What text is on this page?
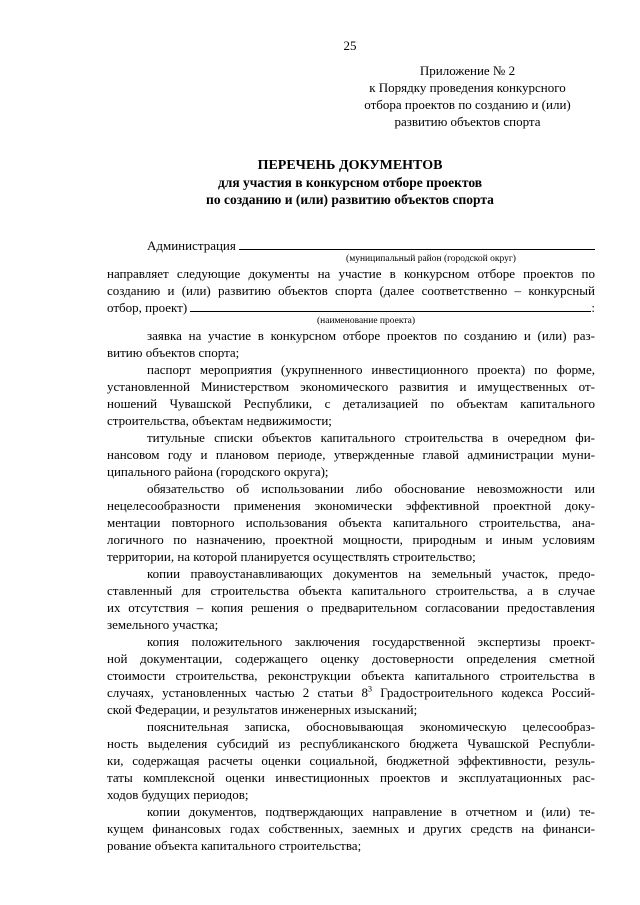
25
Приложение № 2
к Порядку проведения конкурсного
отбора проектов по созданию и (или)
развитию объектов спорта
ПЕРЕЧЕНЬ ДОКУМЕНТОВ
для участия в конкурсном отборе проектов
по созданию и (или) развитию объектов спорта
Администрация
(муниципальный район (городской округ)
направляет следующие документы на участие в конкурсном отборе проектов по
созданию и (или) развитию объектов спорта (далее соответственно – конкурсный
отбор, проект)	:
(наименование проекта)
заявка на участие в конкурсном отборе проектов по созданию и (или) раз-
витию объектов спорта;
паспорт мероприятия (укрупненного инвестиционного проекта) по форме,
установленной Министерством экономического развития и имущественных от-
ношений Чувашской Республики, с детализацией по объектам капитального
строительства, объектам недвижимости;
титульные списки объектов капитального строительства в очередном фи-
нансовом году и плановом периоде, утвержденные главой администрации муни-
ципального района (городского округа);
обязательство об использовании либо обоснование невозможности или
нецелесообразности применения экономически эффективной проектной доку-
ментации повторного использования объекта капитального строительства, ана-
логичного по назначению, проектной мощности, природным и иным условиям
территории, на которой планируется осуществлять строительство;
копии правоустанавливающих документов на земельный участок, предо-
ставленный для строительства объекта капитального строительства, а в случае
их отсутствия – копия решения о предварительном согласовании предоставления
земельного участка;
копия положительного заключения государственной экспертизы проект-
ной документации, содержащего оценку достоверности определения сметной
стоимости строительства, реконструкции объекта капитального строительства в
случаях, установленных частью 2 статьи $8^3$ Градостроительного кодекса Россий-
ской Федерации, и результатов инженерных изысканий;
пояснительная записка, обосновывающая экономическую целесообраз-
ность выделения субсидий из республиканского бюджета Чувашской Республи-
ки, содержащая расчеты оценки социальной, бюджетной эффективности, резуль-
таты комплексной оценки инвестиционных проектов и эксплуатационных рас-
ходов будущих периодов;
копии документов, подтверждающих направление в отчетном и (или) те-
кущем финансовых годах собственных, заемных и других средств на финанси-
рование объекта капитального строительства;
